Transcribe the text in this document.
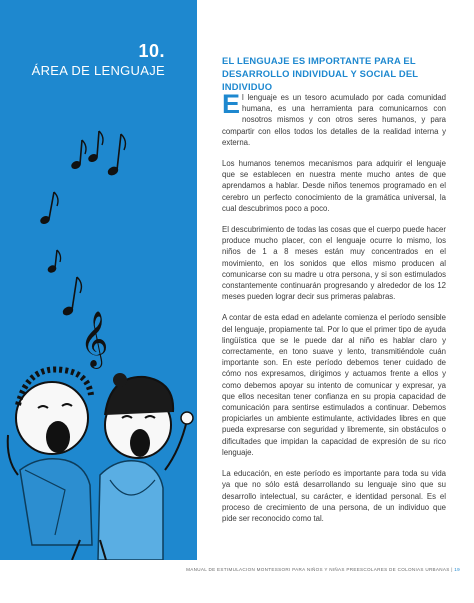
10.
ÁREA DE LENGUAJE
𝄞
EL LENGUAJE ES IMPORTANTE PARA EL DESARROLLO INDIVIDUAL Y SOCIAL DEL INDIVIDUO

El lenguaje es un tesoro acumulado por cada comunidad humana, es una herramienta para comunicarnos con nosotros mismos y con otros seres humanos, y para compartir con ellos todos los detalles de la realidad interna y externa.

Los humanos tenemos mecanismos para adquirir el lenguaje que se establecen en nuestra mente mucho antes de que aprendamos a hablar. Desde niños tenemos programado en el cerebro un perfecto conocimiento de la gramática universal, la cual descubrimos poco a poco.

El descubrimiento de todas las cosas que el cuerpo puede hacer produce mucho placer, con el lenguaje ocurre lo mismo, los niños de 1 a 8 meses están muy concentrados en el movimiento, en los sonidos que ellos mismo producen al comunicarse con su madre u otra persona, y si son estimulados constantemente continuarán progresando y alrededor de los 12 meses pueden lograr decir sus primeras palabras.

A contar de esta edad en adelante comienza el período sensible del lenguaje, propiamente tal. Por lo que el primer tipo de ayuda lingüística que se le puede dar al niño es hablar claro y correctamente, en tono suave y lento, transmitiéndole cuán importante son. En este período debemos tener cuidado de cómo nos expresamos, dirigimos y actuamos frente a ellos y como debemos apoyar su intento de comunicar y expresar, ya que ellos necesitan tener confianza en su propia capacidad de comunicación para sentirse estimulados a continuar. Debemos propiciarles un ambiente estimulante, actividades libres en que pueda expresarse con seguridad y libremente, sin obstáculos o dificultades que impidan la capacidad de expresión de su rico lenguaje.

La educación, en este período es importante para toda su vida ya que no sólo está desarrollando su lenguaje sino que su desarrollo intelectual, su carácter, e identidad personal. Es el proceso de crecimiento de una persona, de un individuo que pide ser reconocido como tal.

MANUAL DE ESTIMULACION MONTESSORI PARA NIÑOS Y NIÑAS PREESCOLARES DE COLONIAS URBANAS | 19
